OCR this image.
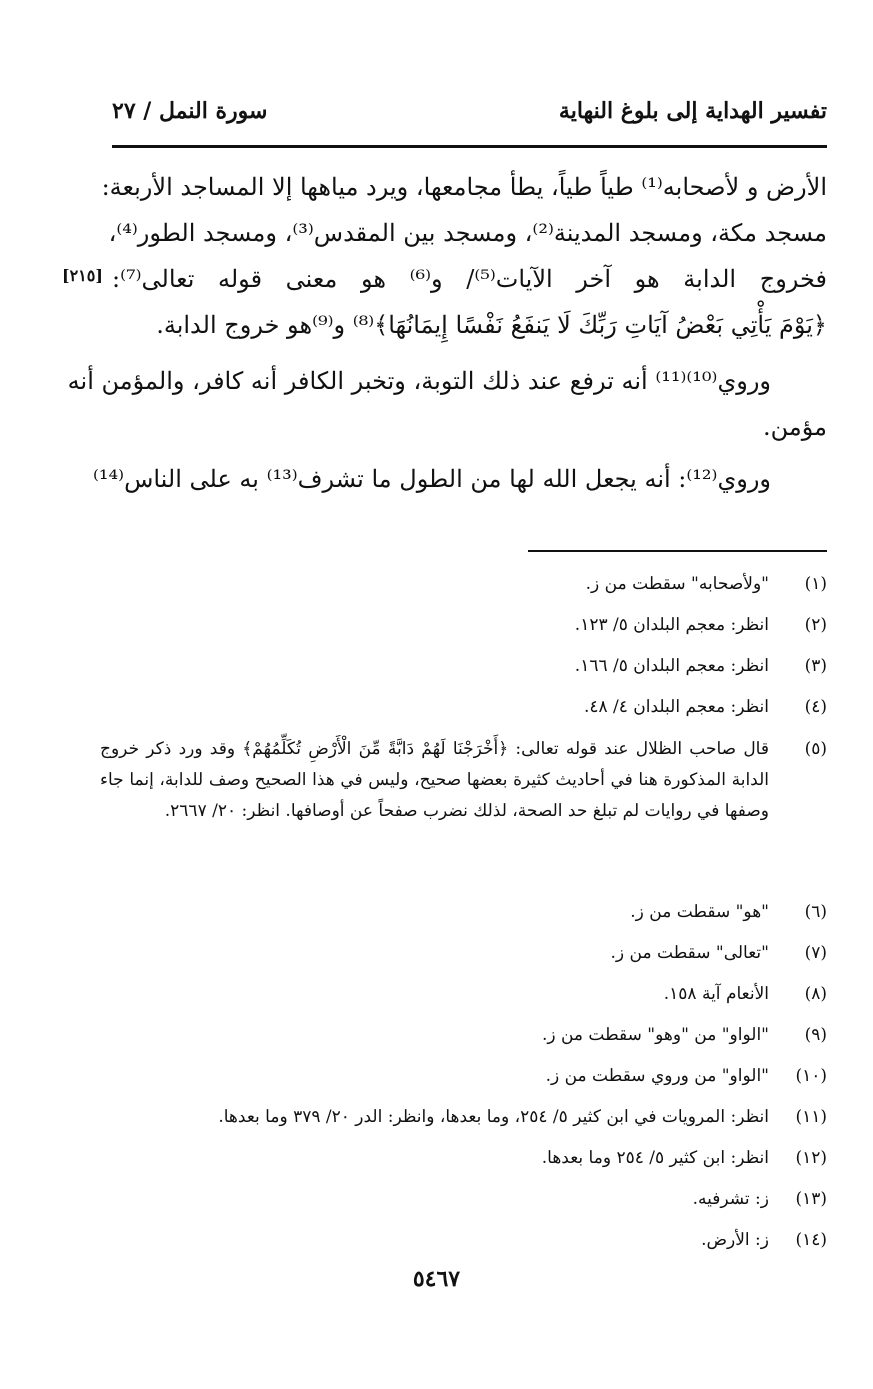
تفسير الهداية إلى بلوغ النهاية
سورة النمل / ٢٧
[٢١٥]
الأرض و لأصحابه⁽¹⁾ طياً طياً، يطأ مجامعها، ويرد مياهها إلا المساجد الأربعة:
مسجد مكة، ومسجد المدينة⁽²⁾، ومسجد بين المقدس⁽³⁾، ومسجد الطور⁽⁴⁾،
فخروج الدابة هو آخر الآيات⁽⁵⁾/ و⁽⁶⁾ هو معنى قوله تعالى⁽⁷⁾:
﴿يَوْمَ يَأْتِي بَعْضُ آيَاتِ رَبِّكَ لَا يَنفَعُ نَفْسًا إِيمَانُهَا﴾⁽⁸⁾ و⁽⁹⁾هو خروج الدابة.
وروي⁽¹⁰⁾⁽¹¹⁾ أنه ترفع عند ذلك التوبة، وتخبر الكافر أنه كافر، والمؤمن أنه
مؤمن.
وروي⁽¹²⁾: أنه يجعل الله لها من الطول ما تشرف⁽¹³⁾ به على الناس⁽¹⁴⁾
(١)
"ولأصحابه" سقطت من ز.
(٢)
انظر: معجم البلدان ٥/ ١٢٣.
(٣)
انظر: معجم البلدان ٥/ ١٦٦.
(٤)
انظر: معجم البلدان ٤/ ٤٨.
(٥)
قال صاحب الظلال عند قوله تعالى: ﴿أَخْرَجْنَا لَهُمْ دَابَّةً مِّنَ الْأَرْضِ تُكَلِّمُهُمْ﴾ وقد ورد ذكر خروج الدابة المذكورة هنا في أحاديث كثيرة بعضها صحيح، وليس في هذا الصحيح وصف للدابة، إنما جاء وصفها في روايات لم تبلغ حد الصحة، لذلك نضرب صفحاً عن أوصافها. انظر: ٢٠/ ٢٦٦٧.
(٦)
"هو" سقطت من ز.
(٧)
"تعالى" سقطت من ز.
(٨)
الأنعام آية ١٥٨.
(٩)
"الواو" من "وهو" سقطت من ز.
(١٠)
"الواو" من وروي سقطت من ز.
(١١)
انظر: المرويات في ابن كثير ٥/ ٢٥٤، وما بعدها، وانظر: الدر ٢٠/ ٣٧٩ وما بعدها.
(١٢)
انظر: ابن كثير ٥/ ٢٥٤ وما بعدها.
(١٣)
ز: تشرفيه.
(١٤)
ز: الأرض.
٥٤٦٧
